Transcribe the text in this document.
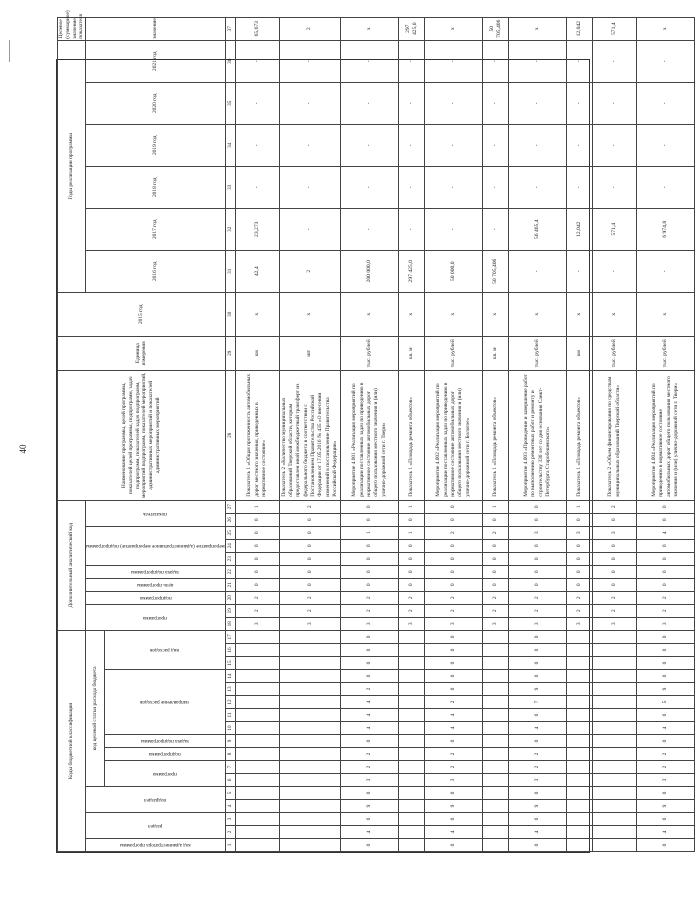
40
Коды бюджетной классификации																	Дополнительный аналитический код										Наименование программы, целей программы, показателей целей программы, подпрограмм, задач подпрограмм, показателей задач подпрограмм, мероприятий подпрограмм, показателей мероприятий, административных мероприятий и показателей административных мероприятий	Единица измерения	2015 год	Годы реализации программы						Целевое (суммарное) значение показателя

код администратора программы	раздел		подраздел		код целевой статьи расхода бюджета												программа		подпрограмма	цель программы	задача подпрограммы	мероприятие (административное мероприятие) подпрограммы			показатель					2016 год	2017 год	2018 год	2019 год	2020 год	2021 год	значение

					программа		подпрограмма	задача подпрограммы	направление расходов					вид расходов																						

1	2	3	4	5	6	7	8	9	10	11	12	13	14	15	16	17	18	19	20	21	22	23	24	25	26	27	28	29	30	31	32	33	34	35	36	37
																	3	2	2	0	0	0	0	0	0	1	Показатель 1 «Общая протяженность автомобильных дорог местного значения, приведенных в нормативное состояние»	км	х	42,4	23,273	-	-	-	-	65,673
																	3	2	2	0	0	0	0	0	0	2	Показатель 2 «Количество муниципальных образований Тверской области, которым предоставлен иной межбюджетный трансферт из федерального бюджета в соответствии с Постановлением Правительства Российской Федерации от 17.05.2016 № 435 «О внесении изменений в постановление Правительства Российской Федерации»	шт	х	2	-	-	-	-	-	2
0	4	0	9	0	3	2	2	0	4	4	4	2	0	0	0	0	3	2	2	0	0	0	0	1	0	0	Мероприятие 4.001 «Реализация мероприятий по реализации поставленных задач по приведению в нормативное состояние автомобильных дорог общего пользования местного значения и (или) улично-дорожной сети г. Твери»	тыс. рублей	х	200 000,0	-	-	-	-	-	х
																	3	2	2	0	0	0	0	1	0	1	Показатель 1 «Площадь ремонта объектов»	кв. м	х	297 425,0	-	-	-	-	-	297 425,0
0	4	0	9	0	3	2	2	0	4	4	2	0	0	0	0	0	3	2	2	0	0	0	0	2	0	0	Мероприятие 4.002 «Реализация мероприятий по реализации поставленных задач по приведению в нормативное состояние автомобильных дорог общего пользования местного значения и (или) улично-дорожной сети г. Бологое»	тыс. рублей	х	50 000,0	-	-	-	-	-	х
																	3	2	2	0	0	0	0	2	0	1	Показатель 1 «Площадь ремонта объектов»	кв. м	х	50 705,406	-	-	-	-	-	50 705,406
0	4	0	9	0	3	2	2	0	4	0	7	9	0	0	0	0	3	2	2	0	0	0	0	3	0	0	Мероприятие 4.003 «Проведение и завершение работ по выполнению ремонтных работ и ремонту и строительству 330 лет со дня основания Санкт-Петербурга Старобешевского»	тыс. рублей	х	-	56 465,4	-	-	-	-	х
																	3	2	2	0	0	0	0	3	0	1	Показатель 1 «Площадь ремонта объектов»	км	х	-	12,042	-	-	-	-	12,042
																	3	2	2	0	0	0	0	3	0	2	Показатель 2 «Объем финансирования по средствам муниципальных образований Тверской области»	тыс. рублей	х	-	571,4	-	-	-	-	571,4
0	4	0	9	0	3	2	2	0	4	0	5	9	0	0	0	0	3	2	2	0	0	0	0	4	0	0	Мероприятие 4.004 «Реализация мероприятий по приведению в нормативное состояние автомобильных дорог общего пользования местного значения и (или) улично-дорожной сети г. Твери»	тыс. рублей	х	-	6 974,8	-	-	-	-	х
